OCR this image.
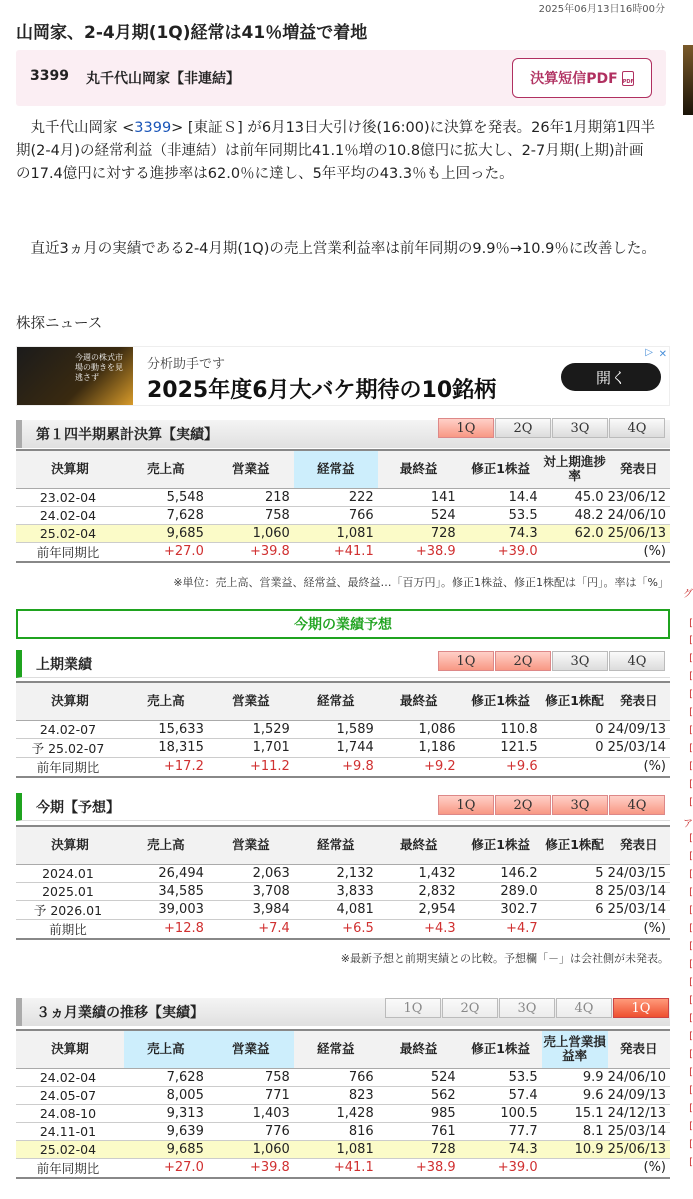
2025年06月13日16時00分
山岡家、2-4月期(1Q)経常は41％増益で着地
3399 丸千代山岡家【非連結】	決算短信PDF PDF
丸千代山岡家 <3399> [東証Ｓ] が6月13日大引け後(16:00)に決算を発表。26年1月期第1四半期(2-4月)の経常利益（非連結）は前年同期比41.1％増の10.8億円に拡大し、2-7月期(上期)計画の17.4億円に対する進捗率は62.0％に達し、5年平均の43.3％も上回った。
直近3ヵ月の実績である2-4月期(1Q)の売上営業利益率は前年同期の9.9％→10.9％に改善した。
株探ニュース
今週の株式市場の動きを見逃さず
分析助手です
2025年度6月大バケ期待の10銘柄
開く
▷ ✕
第１四半期累計決算【実績】	1Q	2Q	3Q	4Q
決算期	売上高	営業益	経常益	最終益	修正1株益	対上期進捗率	発表日
23.02-04	5,548	218	222	141	14.4	45.0	23/06/12
24.02-04	7,628	758	766	524	53.5	48.2	24/06/10
25.02-04	9,685	1,060	1,081	728	74.3	62.0	25/06/13
前年同期比	+27.0	+39.8	+41.1	+38.9	+39.0		(%)
※単位：売上高、営業益、経常益、最終益…「百万円」。修正1株益、修正1株配は「円」。率は「%」
今期の業績予想
上期業績	1Q	2Q	3Q	4Q
決算期	売上高	営業益	経常益	最終益	修正1株益	修正1株配	発表日
24.02-07	15,633	1,529	1,589	1,086	110.8	0	24/09/13
予 25.02-07	18,315	1,701	1,744	1,186	121.5	0	25/03/14
前年同期比	+17.2	+11.2	+9.8	+9.2	+9.6		(%)
今期【予想】	1Q	2Q	3Q	4Q
決算期	売上高	営業益	経常益	最終益	修正1株益	修正1株配	発表日
2024.01	26,494	2,063	2,132	1,432	146.2	5	24/03/15
2025.01	34,585	3,708	3,833	2,832	289.0	8	25/03/14
予 2026.01	39,003	3,984	4,081	2,954	302.7	6	25/03/14
前期比	+12.8	+7.4	+6.5	+4.3	+4.7		(%)
※最新予想と前期実績との比較。予想欄「－」は会社側が未発表。
３ヵ月業績の推移【実績】	1Q	2Q	3Q	4Q	1Q
決算期	売上高	営業益	経常益	最終益	修正1株益	売上営業損益率	発表日
24.02-04	7,628	758	766	524	53.5	9.9	24/06/10
24.05-07	8,005	771	823	562	57.4	9.6	24/09/13
24.08-10	9,313	1,403	1,428	985	100.5	15.1	24/12/13
24.11-01	9,639	776	816	761	77.7	8.1	25/03/14
25.02-04	9,685	1,060	1,081	728	74.3	10.9	25/06/13
前年同期比	+27.0	+39.8	+41.1	+38.9	+39.0		(%)
グ
[
[
[
[
[
[
[
[
[
[
[
ア
[
[
[
[
[
[
[
[
[
[
[
[
[
[
[
[
[
[
[
